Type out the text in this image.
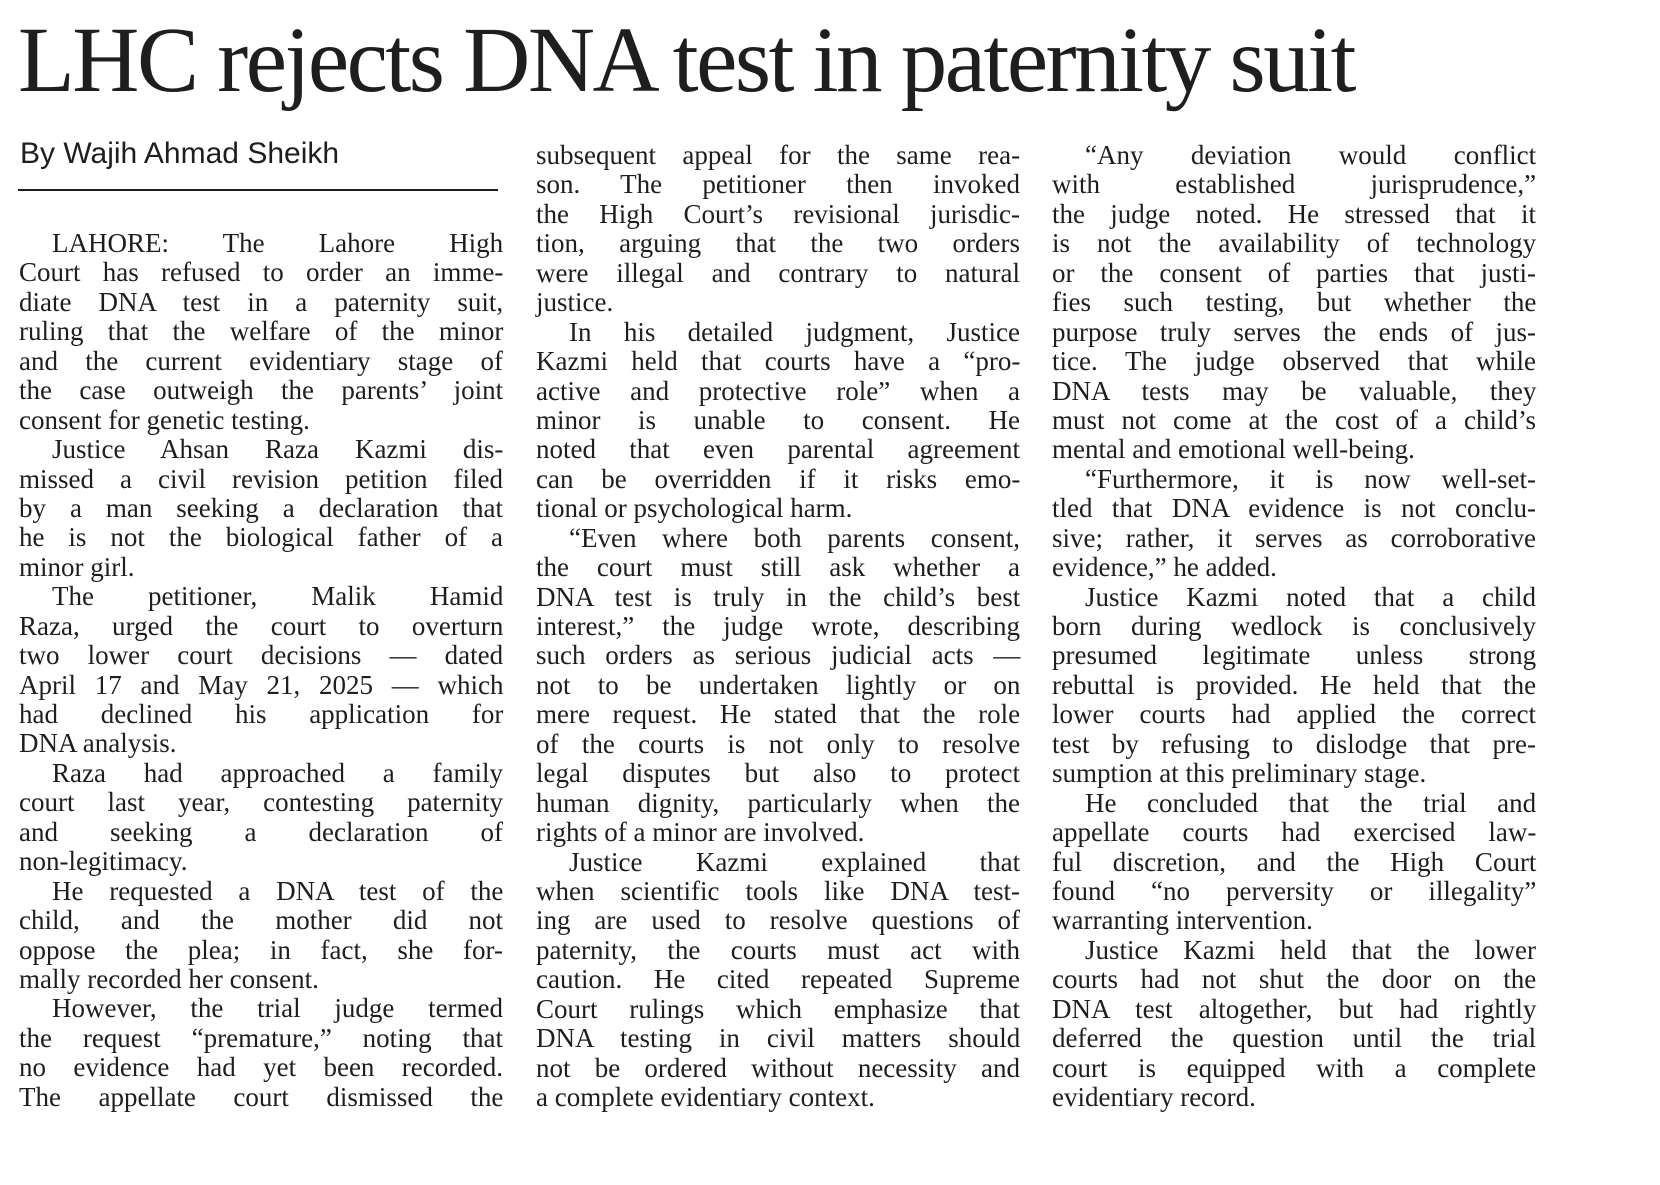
LHC rejects DNA test in paternity suit
By Wajih Ahmad Sheikh
LAHORE: The Lahore High
Court has refused to order an imme-
diate DNA test in a paternity suit,
ruling that the welfare of the minor
and the current evidentiary stage of
the case outweigh the parents’ joint
consent for genetic testing.
Justice Ahsan Raza Kazmi dis-
missed a civil revision petition filed
by a man seeking a declaration that
he is not the biological father of a
minor girl.
The petitioner, Malik Hamid
Raza, urged the court to overturn
two lower court decisions — dated
April 17 and May 21, 2025 — which
had declined his application for
DNA analysis.
Raza had approached a family
court last year, contesting paternity
and seeking a declaration of
non-legitimacy.
He requested a DNA test of the
child, and the mother did not
oppose the plea; in fact, she for-
mally recorded her consent.
However, the trial judge termed
the request “premature,” noting that
no evidence had yet been recorded.
The appellate court dismissed the
subsequent appeal for the same rea-
son. The petitioner then invoked
the High Court’s revisional jurisdic-
tion, arguing that the two orders
were illegal and contrary to natural
justice.
In his detailed judgment, Justice
Kazmi held that courts have a “pro-
active and protective role” when a
minor is unable to consent. He
noted that even parental agreement
can be overridden if it risks emo-
tional or psychological harm.
“Even where both parents consent,
the court must still ask whether a
DNA test is truly in the child’s best
interest,” the judge wrote, describing
such orders as serious judicial acts —
not to be undertaken lightly or on
mere request. He stated that the role
of the courts is not only to resolve
legal disputes but also to protect
human dignity, particularly when the
rights of a minor are involved.
Justice Kazmi explained that
when scientific tools like DNA test-
ing are used to resolve questions of
paternity, the courts must act with
caution. He cited repeated Supreme
Court rulings which emphasize that
DNA testing in civil matters should
not be ordered without necessity and
a complete evidentiary context.
“Any deviation would conflict
with established jurisprudence,”
the judge noted. He stressed that it
is not the availability of technology
or the consent of parties that justi-
fies such testing, but whether the
purpose truly serves the ends of jus-
tice. The judge observed that while
DNA tests may be valuable, they
must not come at the cost of a child’s
mental and emotional well-being.
“Furthermore, it is now well-set-
tled that DNA evidence is not conclu-
sive; rather, it serves as corroborative
evidence,” he added.
Justice Kazmi noted that a child
born during wedlock is conclusively
presumed legitimate unless strong
rebuttal is provided. He held that the
lower courts had applied the correct
test by refusing to dislodge that pre-
sumption at this preliminary stage.
He concluded that the trial and
appellate courts had exercised law-
ful discretion, and the High Court
found “no perversity or illegality”
warranting intervention.
Justice Kazmi held that the lower
courts had not shut the door on the
DNA test altogether, but had rightly
deferred the question until the trial
court is equipped with a complete
evidentiary record.
